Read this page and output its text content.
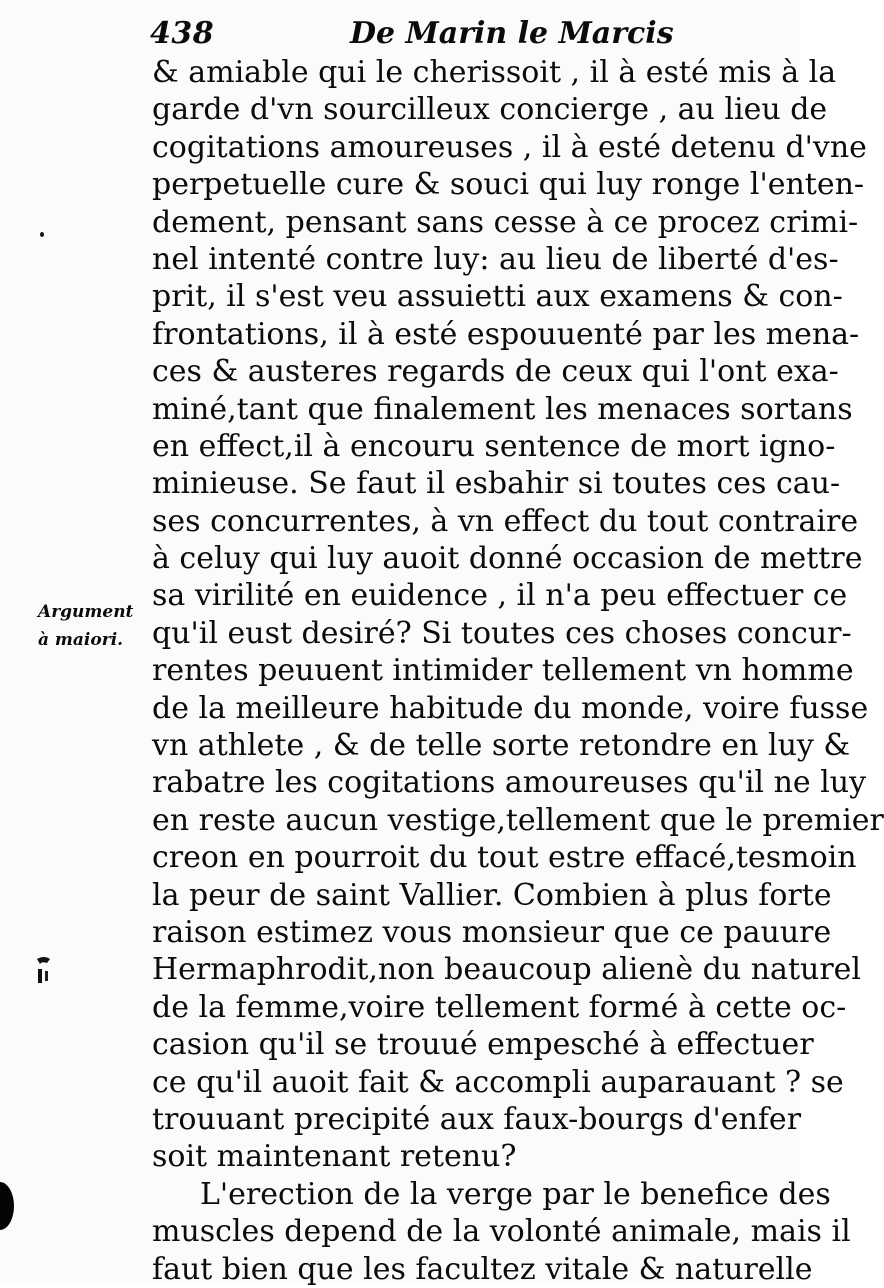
438	De Marin le Marcis
Argument
à maiori.
& amiable qui le cherissoit , il à esté mis à la
garde d'vn sourcilleux concierge , au lieu de
cogitations amoureuses , il à esté detenu d'vne
perpetuelle cure & souci qui luy ronge l'enten-
dement, pensant sans cesse à ce procez crimi-
nel intenté contre luy: au lieu de liberté d'es-
prit, il s'est veu assuietti aux examens & con-
frontations, il à esté espouuenté par les mena-
ces & austeres regards de ceux qui l'ont exa-
miné,tant que finalement les menaces sortans
en effect,il à encouru sentence de mort igno-
minieuse. Se faut il esbahir si toutes ces cau-
ses concurrentes, à vn effect du tout contraire
à celuy qui luy auoit donné occasion de mettre
sa virilité en euidence , il n'a peu effectuer ce
qu'il eust desiré? Si toutes ces choses concur-
rentes peuuent intimider tellement vn homme
de la meilleure habitude du monde, voire fusse
vn athlete , & de telle sorte retondre en luy &
rabatre les cogitations amoureuses qu'il ne luy
en reste aucun vestige,tellement que le premier
creon en pourroit du tout estre effacé,tesmoin
la peur de saint Vallier. Combien à plus forte
raison estimez vous monsieur que ce pauure
Hermaphrodit,non beaucoup alienè du naturel
de la femme,voire tellement formé à cette oc-
casion qu'il se trouué empesché à effectuer
ce qu'il auoit fait & accompli auparauant ? se
trouuant precipité aux faux-bourgs d'enfer
soit maintenant retenu?
L'erection de la verge par le benefice des
muscles depend de la volonté animale, mais il
faut bien que les facultez vitale & naturelle
